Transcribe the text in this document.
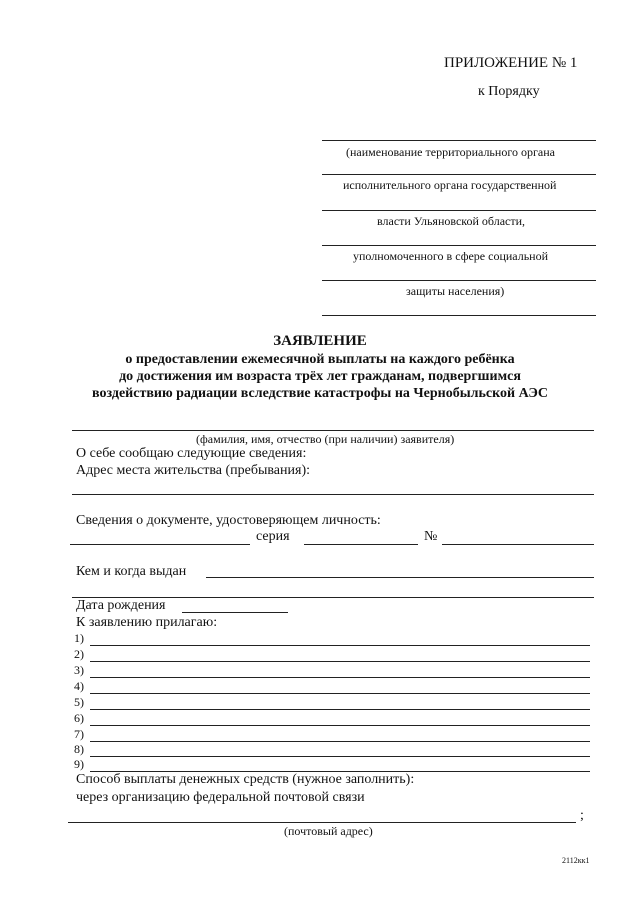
ПРИЛОЖЕНИЕ № 1
к Порядку
(наименование территориального органа
исполнительного органа государственной
власти Ульяновской области,
уполномоченного в сфере социальной
защиты населения)
ЗАЯВЛЕНИЕ
о предоставлении ежемесячной выплаты на каждого ребёнка
до достижения им возраста трёх лет гражданам, подвергшимся
воздействию радиации вследствие катастрофы на Чернобыльской АЭС
(фамилия, имя, отчество (при наличии) заявителя)
О себе сообщаю следующие сведения:
Адрес места жительства (пребывания):
Сведения о документе, удостоверяющем личность:
серия	№
Кем и когда выдан
Дата рождения
К заявлению прилагаю:
1)
2)
3)
4)
5)
6)
7)
8)
9)
Способ выплаты денежных средств (нужное заполнить):
через организацию федеральной почтовой связи
;
(почтовый адрес)
2112кк1
